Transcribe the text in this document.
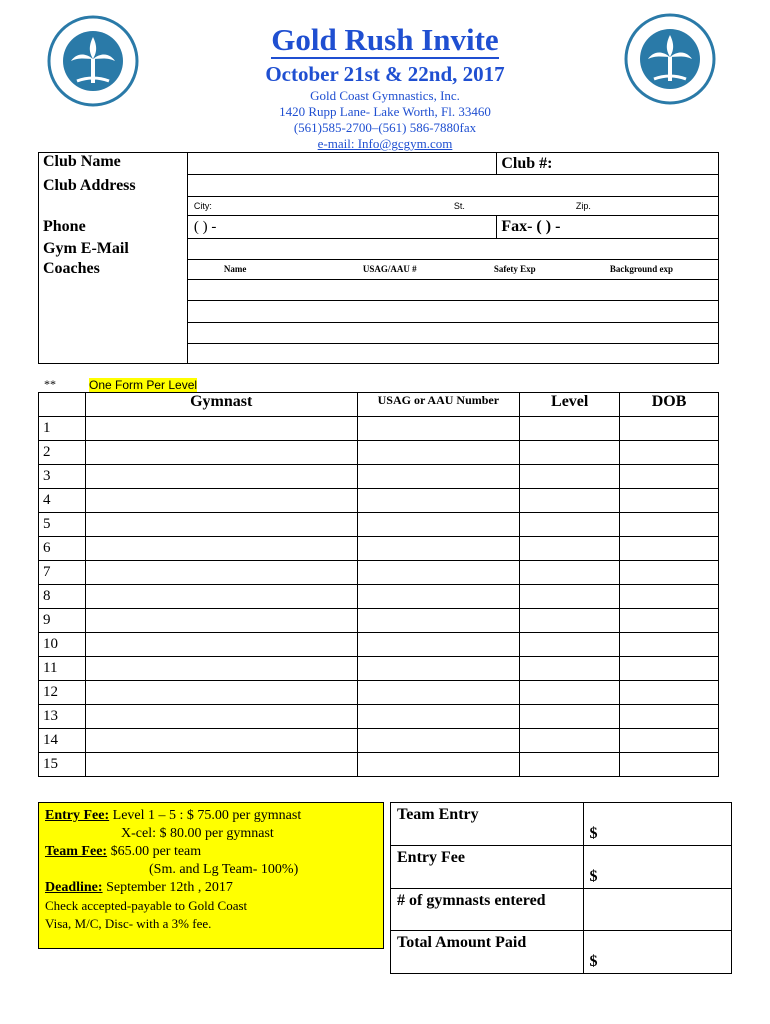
Gold Rush Invite
October 21st & 22nd, 2017
Gold Coast Gymnastics, Inc.
1420 Rupp Lane- Lake Worth, Fl. 33460
(561)585-2700–(561) 586-7880fax
e-mail: Info@gcgym.com
Club Name		Club #:
Club Address		

	City: St. Zip.	

Phone	( ) -	Fax- ( ) -
Gym E-Mail		
Coaches	Name USAG/AAU # Safety Exp Background exp	

**	One Form Per Level
	Gymnast	USAG or AAU Number	Level	DOB
1				
2				
3				
4				
5				
6				
7				
8				
9				
10				
11				
12				
13				
14				
15				
Entry Fee: Level 1 – 5 : $ 75.00 per gymnast
X-cel: $ 80.00 per gymnast
Team Fee: $65.00 per team
(Sm. and Lg Team- 100%)
Deadline: September 12th , 2017
Check accepted-payable to Gold Coast
Visa, M/C, Disc- with a 3% fee.
Team Entry	$
Entry Fee	$
# of gymnasts entered	
Total Amount Paid	$
